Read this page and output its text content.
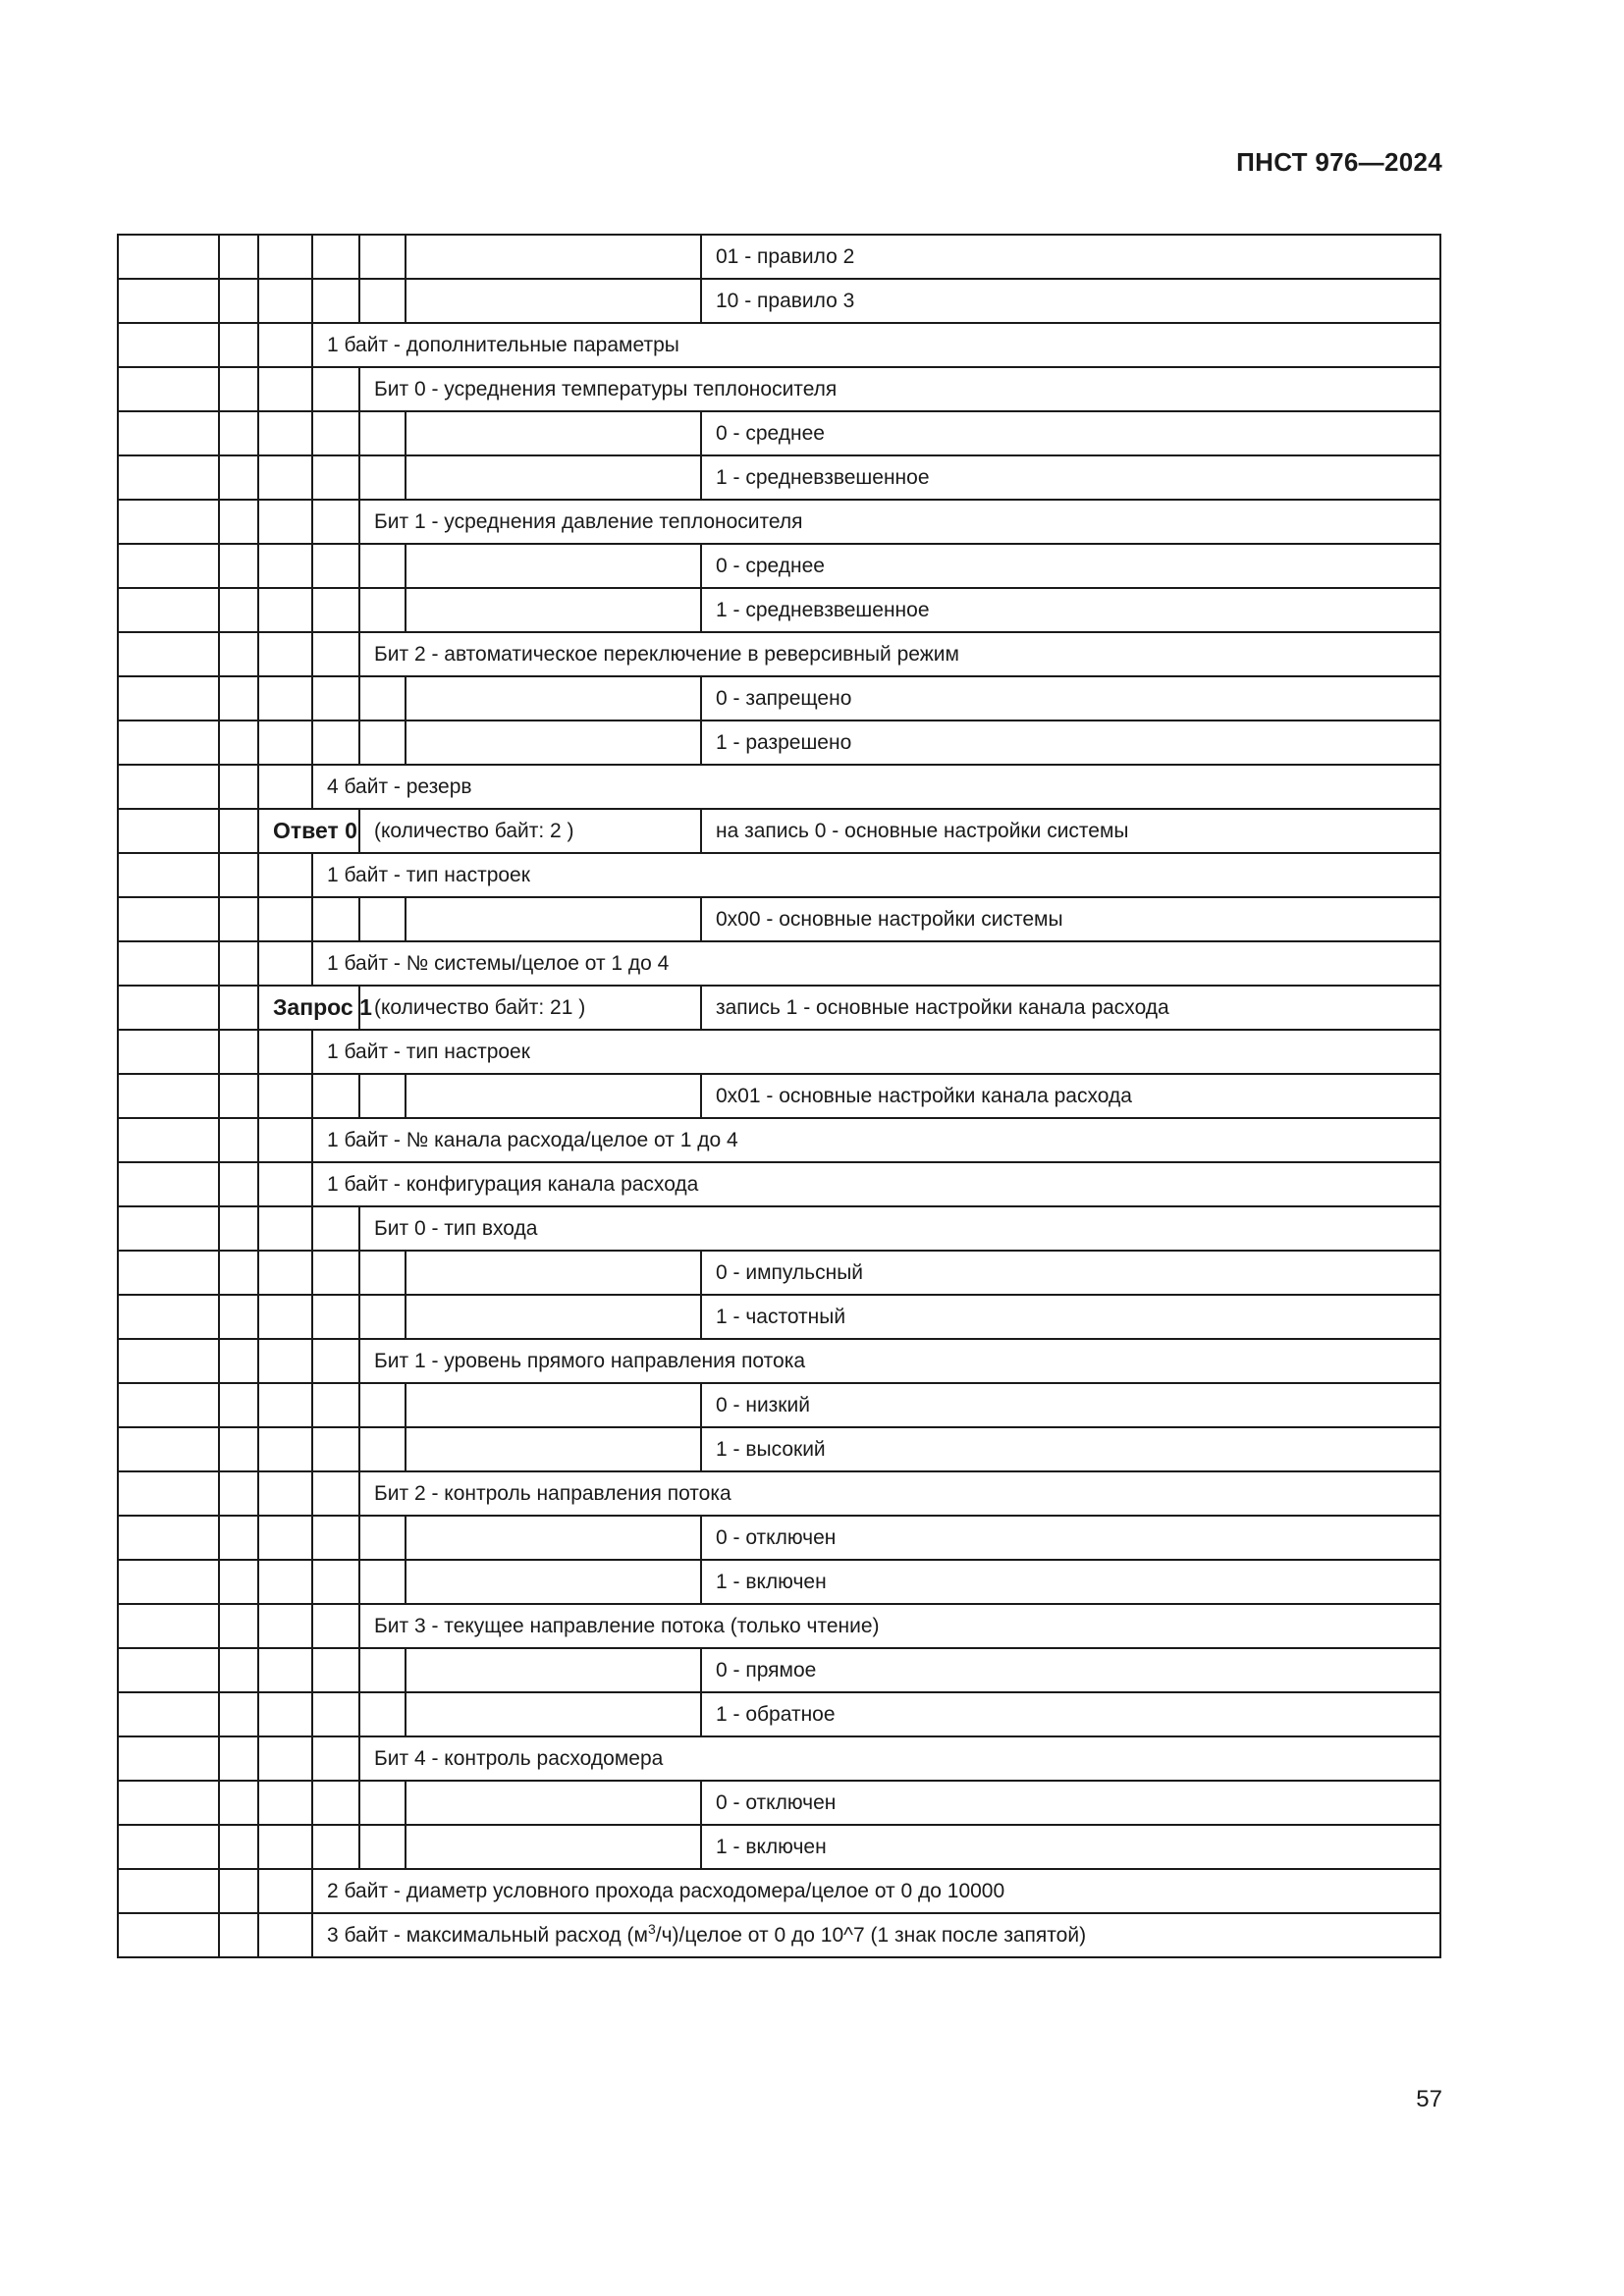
ПНСТ 976—2024
						01 - правило 2
						10 - правило 3
			1 байт - дополнительные параметры			
				Бит 0 - усреднения температуры теплоносителя		
						0 - среднее
						1 - средневзвешенное
				Бит 1 - усреднения давление теплоносителя		
						0 - среднее
						1 - средневзвешенное
				Бит 2 - автоматическое переключение в реверсивный режим		
						0 - запрещено
						1 - разрешено
			4 байт - резерв			
		Ответ 0		(количество байт: 2 )		на запись 0 - основные настройки системы
			1 байт - тип настроек			
						0x00 - основные настройки системы
			1 байт - № системы/целое от 1 до 4			
		Запрос 1		(количество байт: 21 )		запись 1 - основные настройки канала расхода
			1 байт - тип настроек			
						0x01 - основные настройки канала расхода
			1 байт - № канала расхода/целое от 1 до 4			
			1 байт - конфигурация канала расхода			
				Бит 0 - тип входа		
						0 - импульсный
						1 - частотный
				Бит 1 - уровень прямого направления потока		
						0 - низкий
						1 - высокий
				Бит 2 - контроль направления потока		
						0 - отключен
						1 - включен
				Бит 3 - текущее направление потока (только чтение)		
						0 - прямое
						1 - обратное
				Бит 4 - контроль расходомера		
						0 - отключен
						1 - включен
			2 байт - диаметр условного прохода расходомера/целое от 0 до 10000			
			3 байт - максимальный расход $(м^3/ч)$/целое от 0 до 10^7 (1 знак после запятой)			
57
